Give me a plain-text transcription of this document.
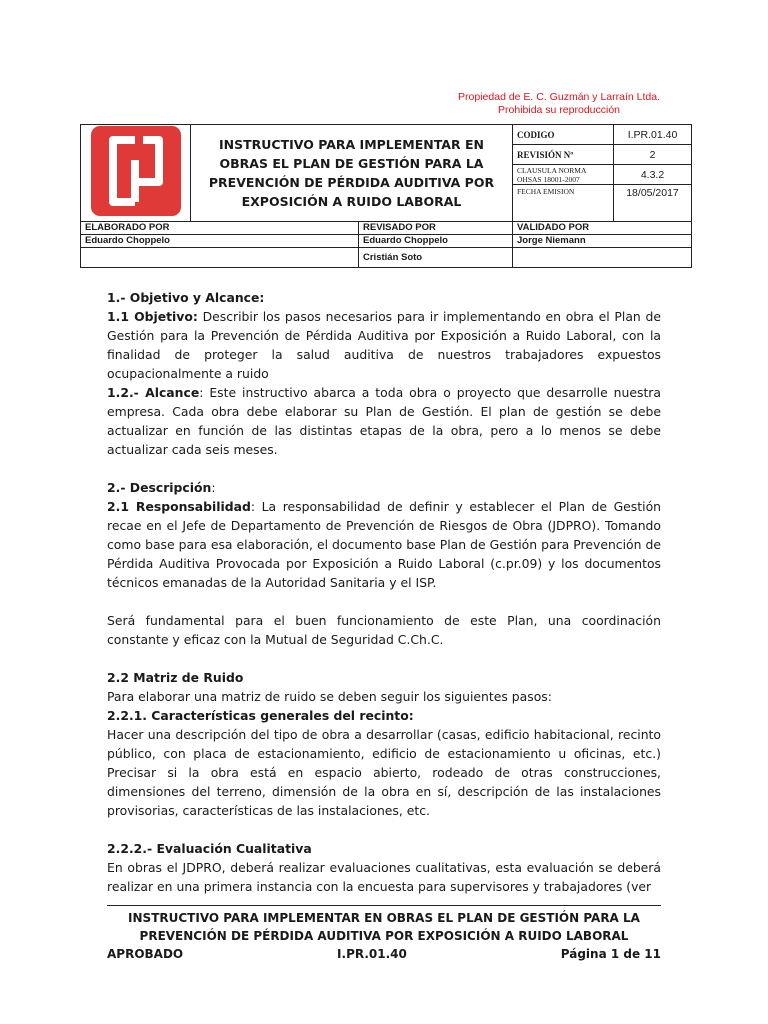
Propiedad de E. C. Guzmán y Larraín Ltda.
Prohibida su reproducción
	INSTRUCTIVO PARA IMPLEMENTAR EN OBRAS EL PLAN DE GESTIÓN PARA LA PREVENCIÓN DE PÉRDIDA AUDITIVA POR EXPOSICIÓN A RUIDO LABORAL		CODIGO	I.PR.01.40
			REVISIÓN Nº	2

			CLAUSULA NORMA
OHSAS 18001-2007	4.3.2
			FECHA EMISION	18/05/2017
ELABORADO POR		REVISADO POR	VALIDADO POR	
Eduardo Choppelo		Eduardo Choppelo	Jorge Niemann	
		Cristián Soto		

1.- Objetivo y Alcance:

1.1 Objetivo: Describir los pasos necesarios para ir implementando en obra el Plan de Gestión para la Prevención de Pérdida Auditiva por Exposición a Ruido Laboral, con la finalidad de proteger la salud auditiva de nuestros trabajadores expuestos ocupacionalmente a ruido

1.2.- Alcance: Este instructivo abarca a toda obra o proyecto que desarrolle nuestra empresa. Cada obra debe elaborar su Plan de Gestión. El plan de gestión se debe actualizar en función de las distintas etapas de la obra, pero a lo menos se debe actualizar cada seis meses.

2.- Descripción:

2.1 Responsabilidad: La responsabilidad de definir y establecer el Plan de Gestión recae en el Jefe de Departamento de Prevención de Riesgos de Obra (JDPRO). Tomando como base para esa elaboración, el documento base Plan de Gestión para Prevención de Pérdida Auditiva Provocada por Exposición a Ruido Laboral (c.pr.09) y los documentos técnicos emanadas de la Autoridad Sanitaria y el ISP.

Será fundamental para el buen funcionamiento de este Plan, una coordinación constante y eficaz con la Mutual de Seguridad C.Ch.C.

2.2 Matriz de Ruido

Para elaborar una matriz de ruido se deben seguir los siguientes pasos:

2.2.1. Características generales del recinto:

Hacer una descripción del tipo de obra a desarrollar (casas, edificio habitacional, recinto público, con placa de estacionamiento, edificio de estacionamiento u oficinas, etc.) Precisar si la obra está en espacio abierto, rodeado de otras construcciones, dimensiones del terreno, dimensión de la obra en sí, descripción de las instalaciones provisorias, características de las instalaciones, etc.

2.2.2.- Evaluación Cualitativa

En obras el JDPRO, deberá realizar evaluaciones cualitativas, esta evaluación se deberá realizar en una primera instancia con la encuesta para supervisores y trabajadores (ver

INSTRUCTIVO PARA IMPLEMENTAR EN OBRAS EL PLAN DE GESTIÓN PARA LA PREVENCIÓN DE PÉRDIDA AUDITIVA POR EXPOSICIÓN A RUIDO LABORAL
APROBADO	I.PR.01.40	Página 1 de 11
